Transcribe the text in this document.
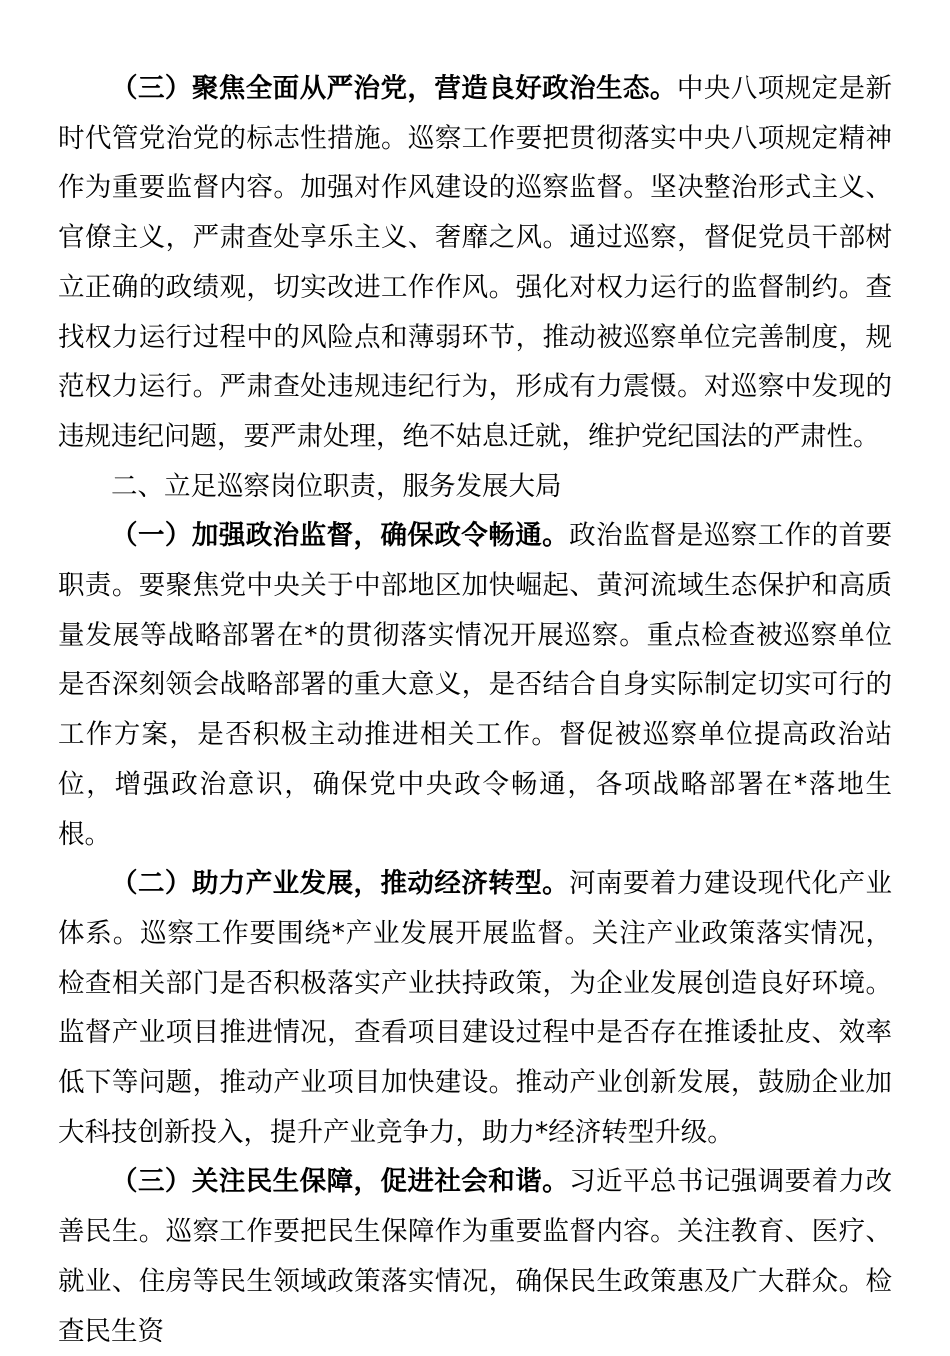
（三）聚焦全面从严治党，营造良好政治生态。中央八项规定是新时代管党治党的标志性措施。巡察工作要把贯彻落实中央八项规定精神作为重要监督内容。加强对作风建设的巡察监督。坚决整治形式主义、官僚主义，严肃查处享乐主义、奢靡之风。通过巡察，督促党员干部树立正确的政绩观，切实改进工作作风。强化对权力运行的监督制约。查找权力运行过程中的风险点和薄弱环节，推动被巡察单位完善制度，规范权力运行。严肃查处违规违纪行为，形成有力震慑。对巡察中发现的违规违纪问题，要严肃处理，绝不姑息迁就，维护党纪国法的严肃性。

二、立足巡察岗位职责，服务发展大局

（一）加强政治监督，确保政令畅通。政治监督是巡察工作的首要职责。要聚焦党中央关于中部地区加快崛起、黄河流域生态保护和高质量发展等战略部署在*的贯彻落实情况开展巡察。重点检查被巡察单位是否深刻领会战略部署的重大意义，是否结合自身实际制定切实可行的工作方案，是否积极主动推进相关工作。督促被巡察单位提高政治站位，增强政治意识，确保党中央政令畅通，各项战略部署在*落地生根。

（二）助力产业发展，推动经济转型。河南要着力建设现代化产业体系。巡察工作要围绕*产业发展开展监督。关注产业政策落实情况，检查相关部门是否积极落实产业扶持政策，为企业发展创造良好环境。监督产业项目推进情况，查看项目建设过程中是否存在推诿扯皮、效率低下等问题，推动产业项目加快建设。推动产业创新发展，鼓励企业加大科技创新投入，提升产业竞争力，助力*经济转型升级。

（三）关注民生保障，促进社会和谐。习近平总书记强调要着力改善民生。巡察工作要把民生保障作为重要监督内容。关注教育、医疗、就业、住房等民生领域政策落实情况，确保民生政策惠及广大群众。检查民生资
